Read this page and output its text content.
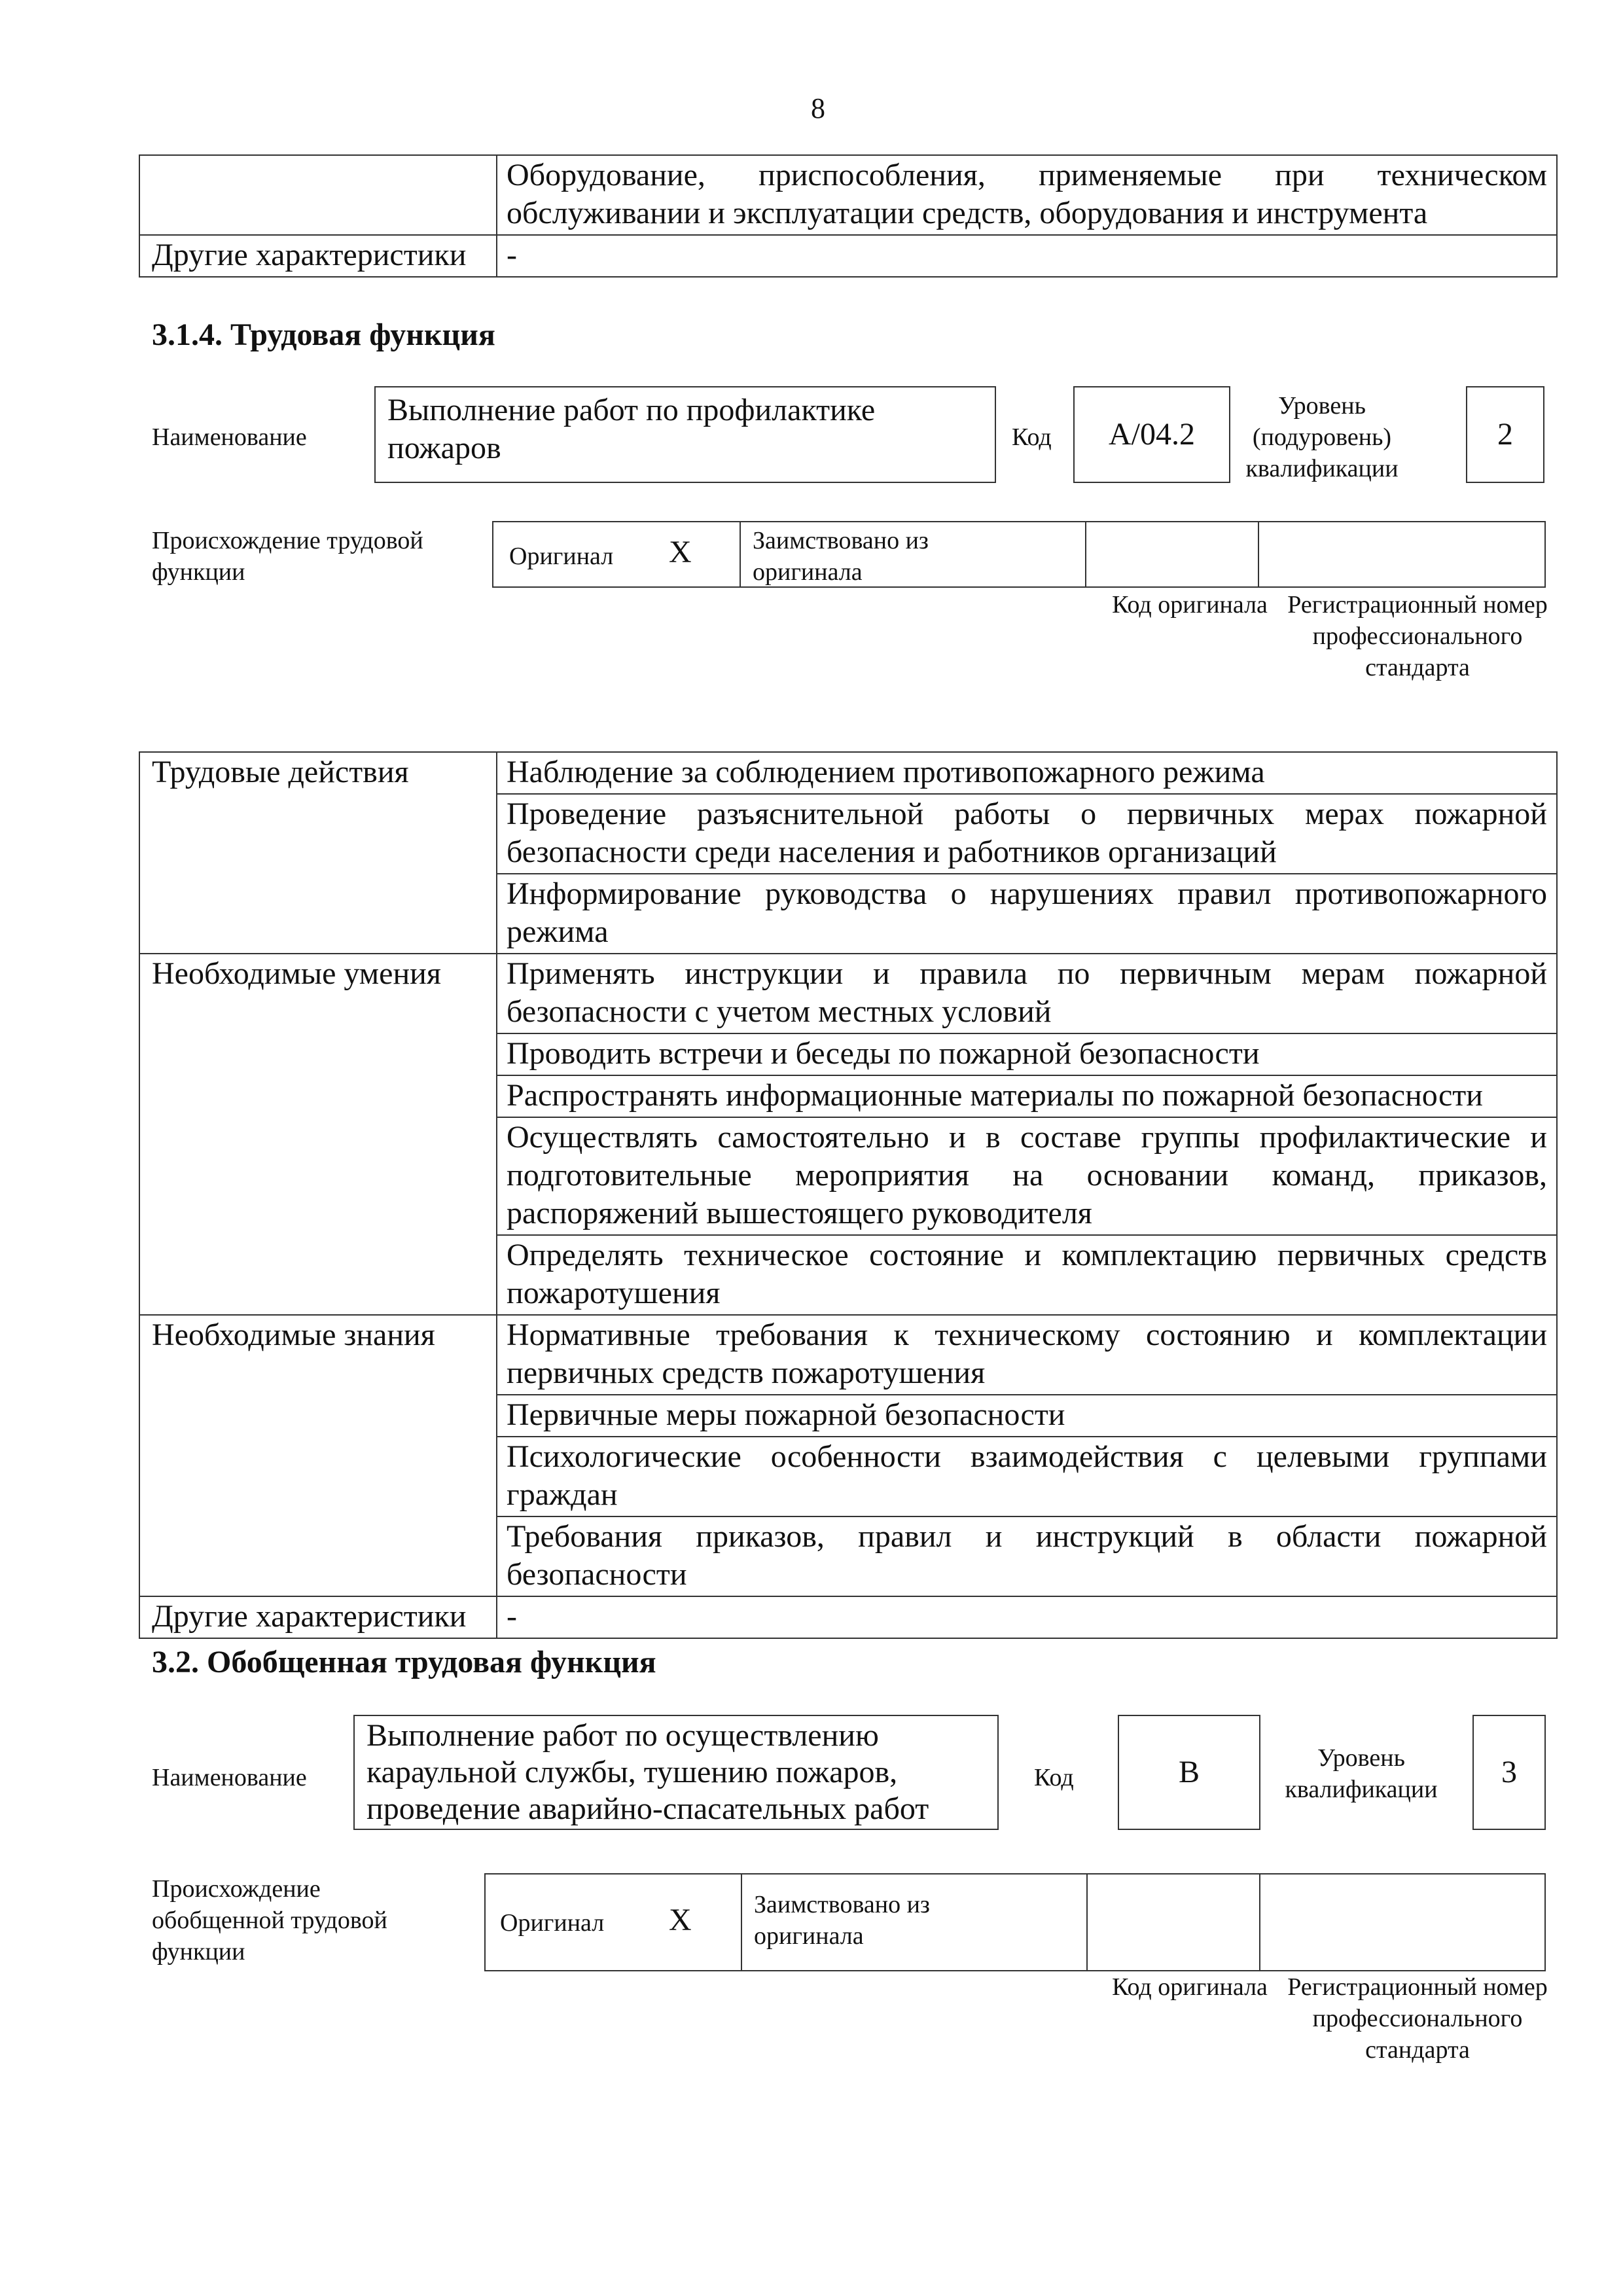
8
	Оборудование, приспособления, применяемые при техническом обслуживании и эксплуатации средств, оборудования и инструмента
Другие характеристики	-
3.1.4. Трудовая функция
Наименование
Выполнение работ по профилактике пожаров	Код	A/04.2
Уровень (подуровень) квалификации
2
Происхождение трудовой функции
Оригинал X Заимствовано из оригинала
Код оригинала Регистрационный номер профессионального стандарта
Трудовые действия	Наблюдение за соблюдением противопожарного режима
	Проведение разъяснительной работы о первичных мерах пожарной безопасности среди населения и работников организаций
	Информирование руководства о нарушениях правил противопожарного режима
Необходимые умения	Применять инструкции и правила по первичным мерам пожарной безопасности с учетом местных условий
	Проводить встречи и беседы по пожарной безопасности
	Распространять информационные материалы по пожарной безопасности
	Осуществлять самостоятельно и в составе группы профилактические и подготовительные мероприятия на основании команд, приказов, распоряжений вышестоящего руководителя
	Определять техническое состояние и комплектацию первичных средств пожаротушения
Необходимые знания	Нормативные требования к техническому состоянию и комплектации первичных средств пожаротушения
	Первичные меры пожарной безопасности
	Психологические особенности взаимодействия с целевыми группами граждан
	Требования приказов, правил и инструкций в области пожарной безопасности
Другие характеристики	-
3.2. Обобщенная трудовая функция
Наименование
Выполнение работ по осуществлению караульной службы, тушению пожаров, проведение аварийно-спасательных работ
Код	B	Уровень квалификации	3
Происхождение обобщенной трудовой функции
Оригинал X	Заимствовано из оригинала
Код оригинала Регистрационный номер профессионального стандарта
